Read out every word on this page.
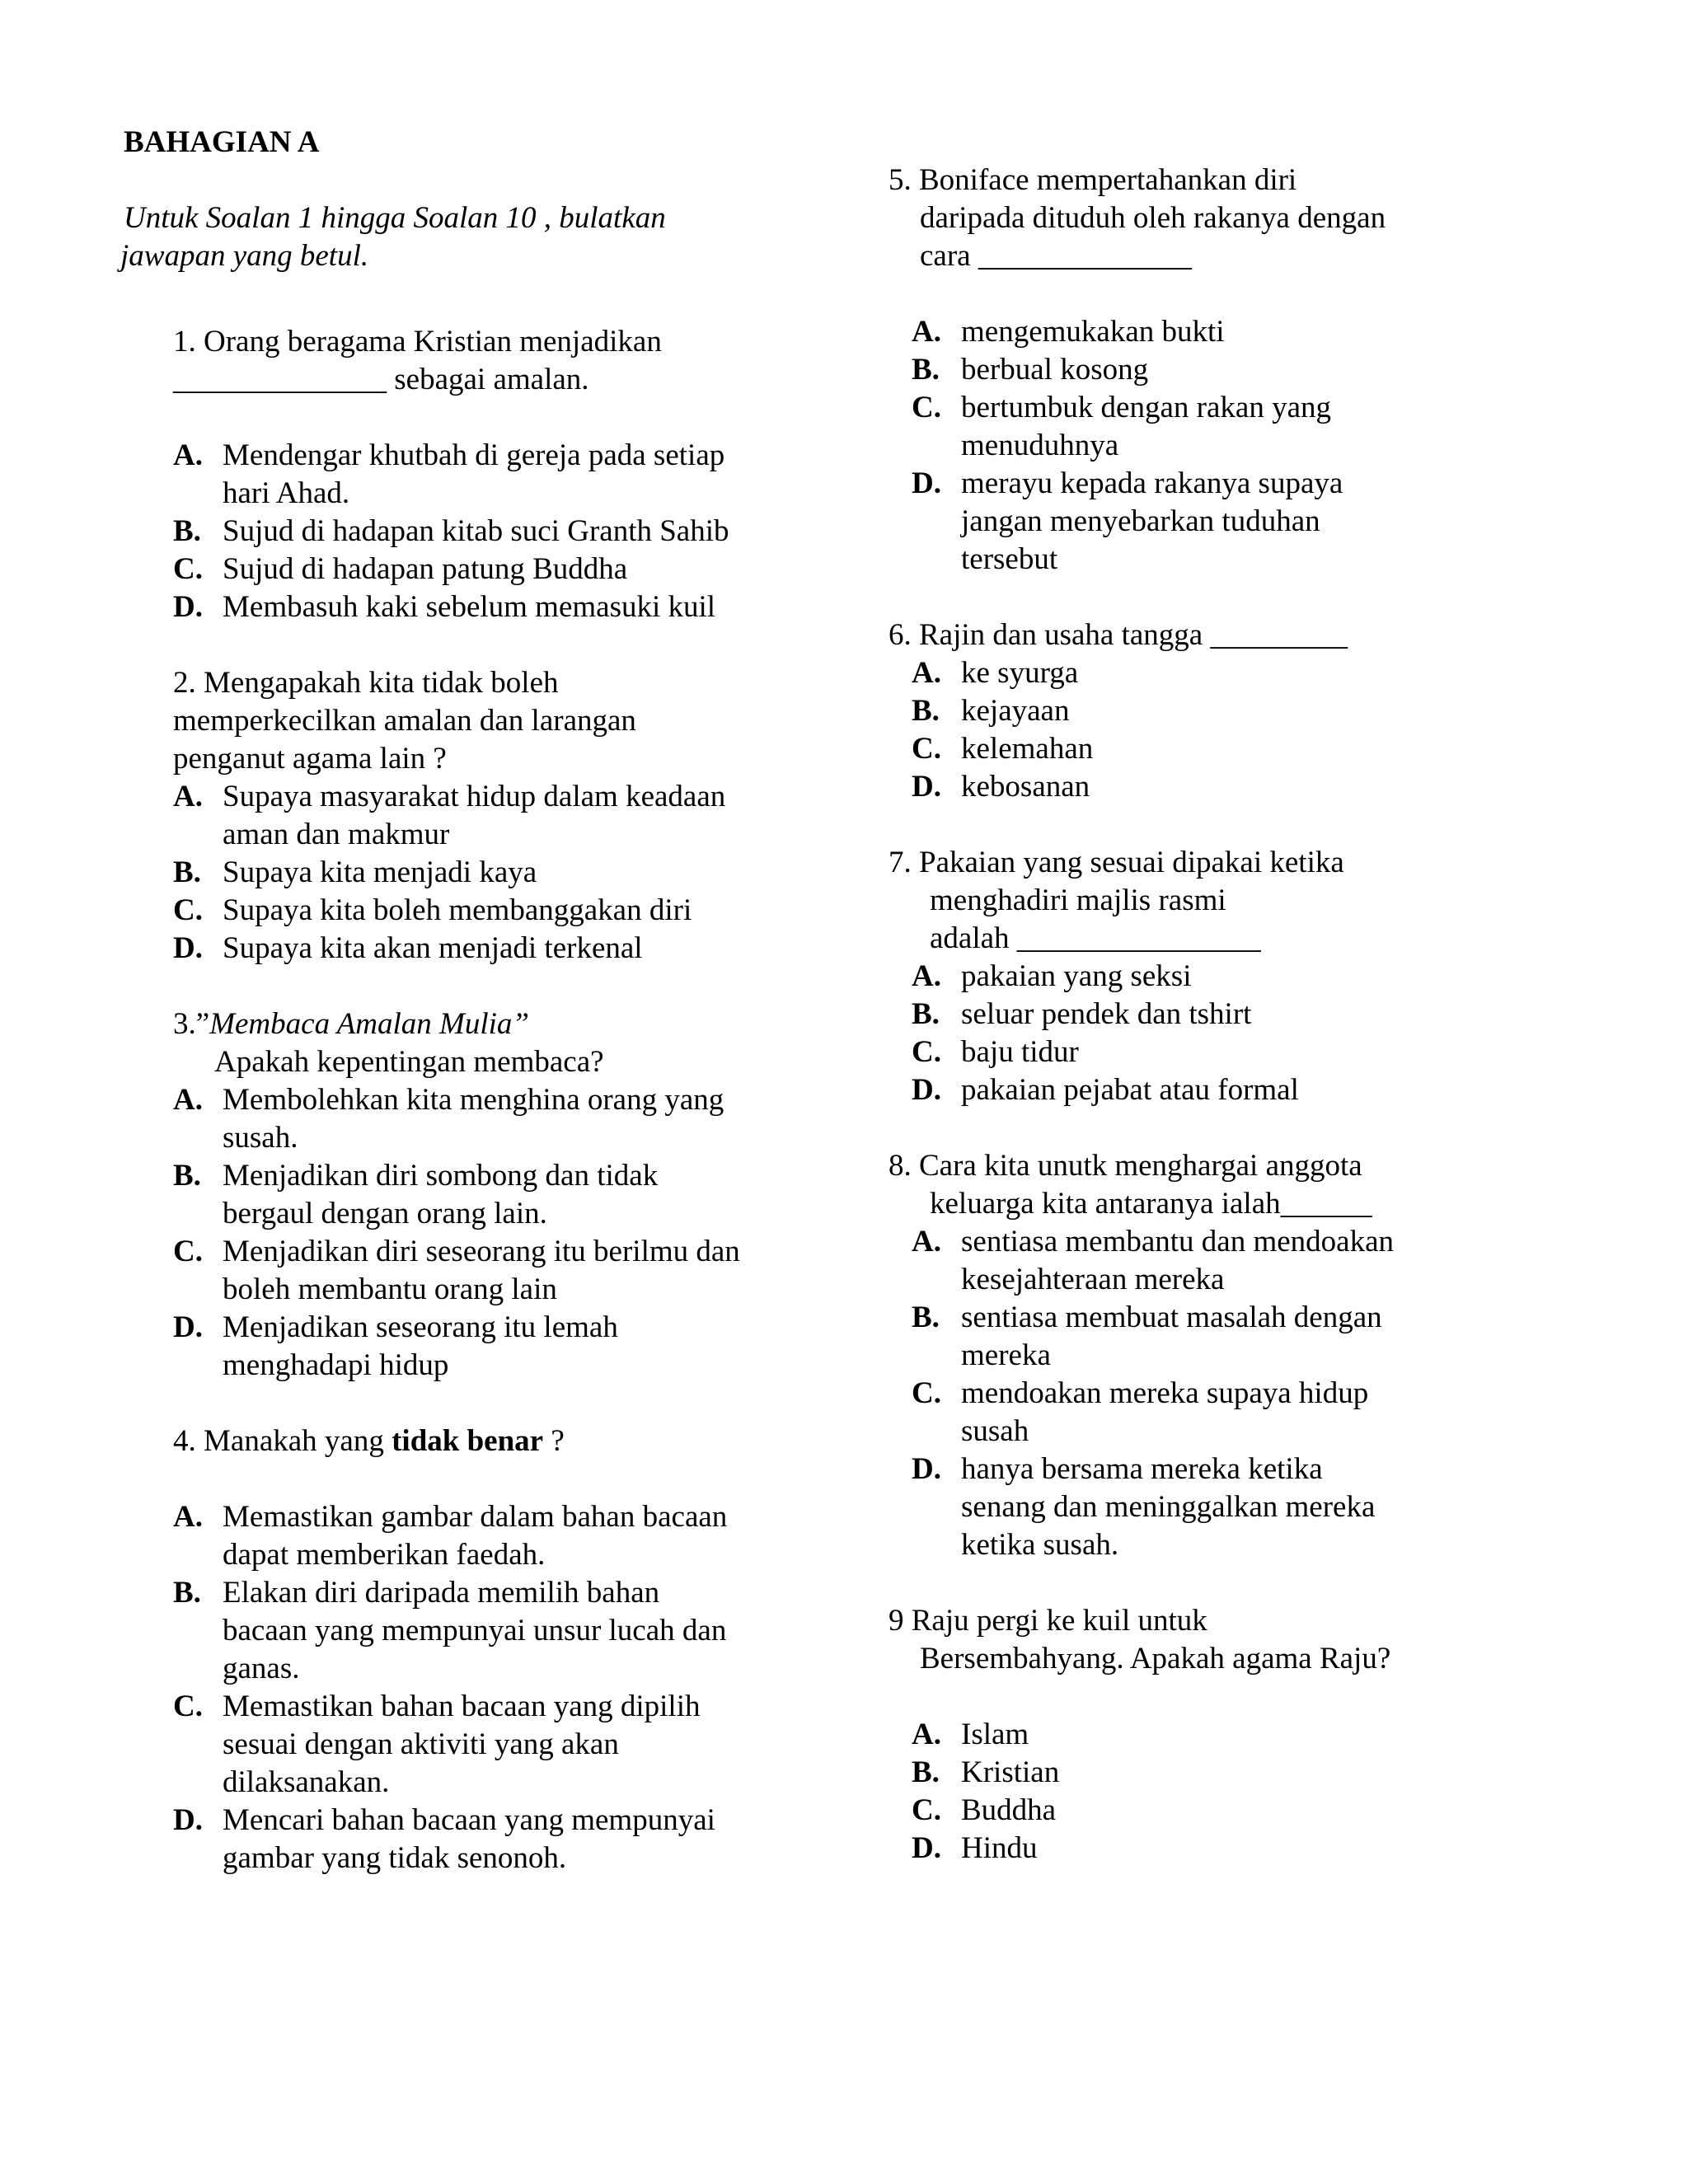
BAHAGIAN A

Untuk Soalan 1 hingga Soalan 10 , bulatkan
jawapan yang betul.

1. Orang beragama Kristian menjadikan

______________ sebagai amalan.

A. Mendengar khutbah di gereja pada setiap
hari Ahad.
B. Sujud di hadapan kitab suci Granth Sahib
C. Sujud di hadapan patung Buddha
D. Membasuh kaki sebelum memasuki kuil

2. Mengapakah kita tidak boleh

memperkecilkan amalan dan larangan

penganut agama lain ?

A. Supaya masyarakat hidup dalam keadaan
aman dan makmur
B. Supaya kita menjadi kaya
C. Supaya kita boleh membanggakan diri
D. Supaya kita akan menjadi terkenal

3.”Membaca Amalan Mulia”

Apakah kepentingan membaca?

A. Membolehkan kita menghina orang yang
susah.
B. Menjadikan diri sombong dan tidak
bergaul dengan orang lain.
C. Menjadikan diri seseorang itu berilmu dan
boleh membantu orang lain
D. Menjadikan seseorang itu lemah
menghadapi hidup

4. Manakah yang tidak benar ?

A. Memastikan gambar dalam bahan bacaan
dapat memberikan faedah.
B. Elakan diri daripada memilih bahan
bacaan yang mempunyai unsur lucah dan
ganas.
C. Memastikan bahan bacaan yang dipilih
sesuai dengan aktiviti yang akan
dilaksanakan.
D. Mencari bahan bacaan yang mempunyai
gambar yang tidak senonoh.

5. Boniface mempertahankan diri

daripada dituduh oleh rakanya dengan

cara ______________

A. mengemukakan bukti
B. berbual kosong
C. bertumbuk dengan rakan yang
menuduhnya
D. merayu kepada rakanya supaya
jangan menyebarkan tuduhan
tersebut

6. Rajin dan usaha tangga _________

A. ke syurga
B. kejayaan
C. kelemahan
D. kebosanan

7. Pakaian yang sesuai dipakai ketika

menghadiri majlis rasmi

adalah ________________

A. pakaian yang seksi
B. seluar pendek dan tshirt
C. baju tidur
D. pakaian pejabat atau formal

8. Cara kita unutk menghargai anggota

keluarga kita antaranya ialah______

A. sentiasa membantu dan mendoakan
kesejahteraan mereka
B. sentiasa membuat masalah dengan
mereka
C. mendoakan mereka supaya hidup
susah
D. hanya bersama mereka ketika
senang dan meninggalkan mereka
ketika susah.

9 Raju pergi ke kuil untuk

Bersembahyang. Apakah agama Raju?

A. Islam
B. Kristian
C. Buddha
D. Hindu
